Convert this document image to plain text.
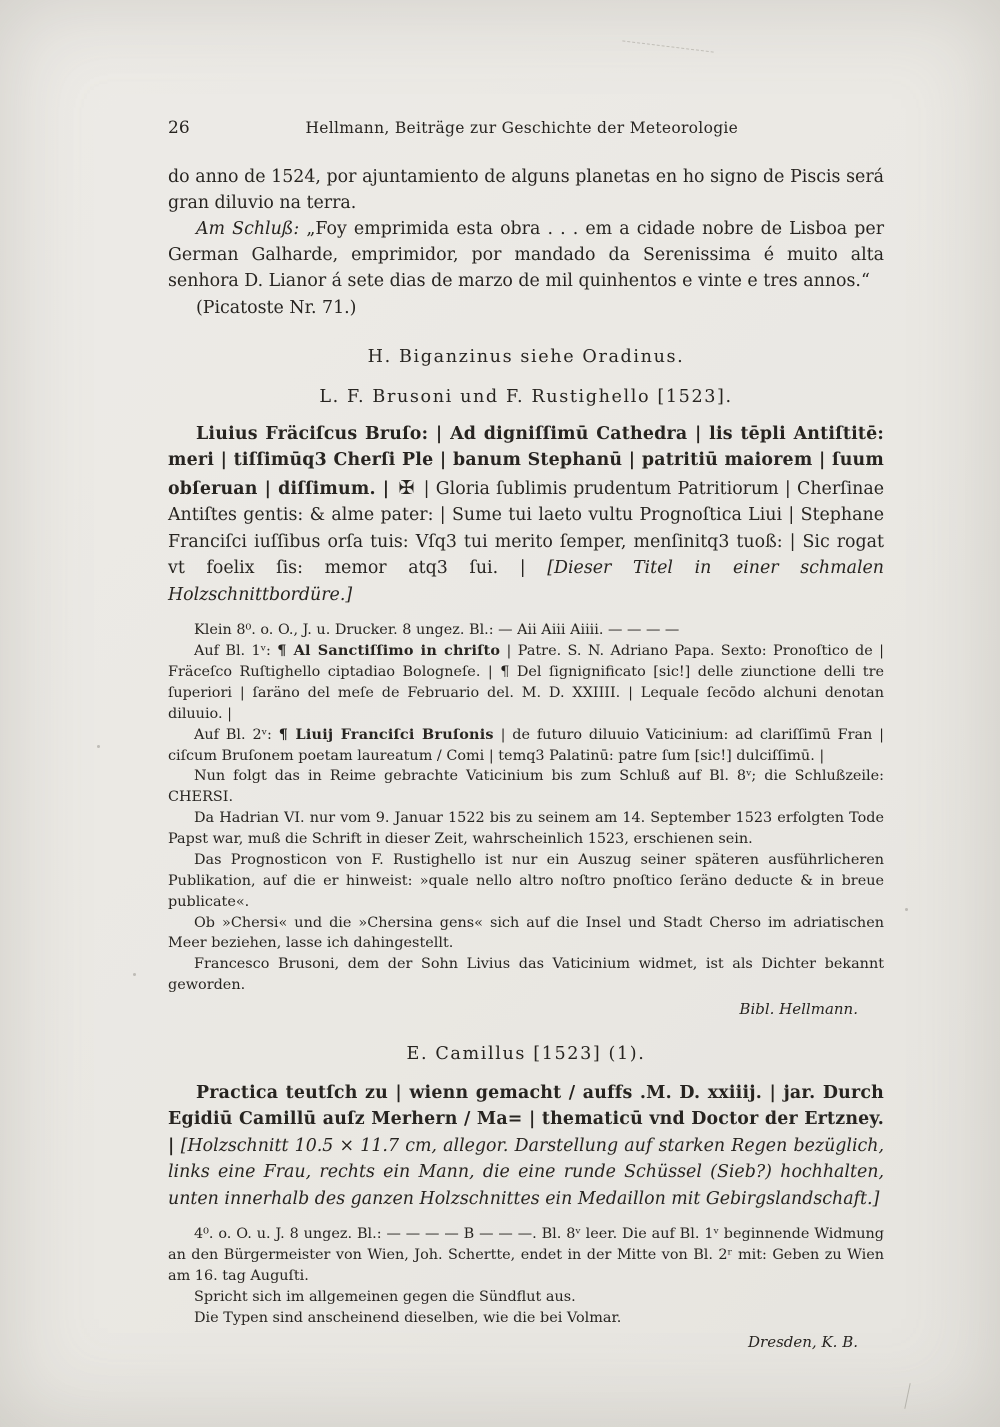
26	Hellmann, Beiträge zur Geschichte der Meteorologie

do anno de 1524, por ajuntamiento de alguns planetas en ho signo de Piscis será gran diluvio na terra.

Am Schluß: „Foy emprimida esta obra . . . em a cidade nobre de Lisboa per German Galharde, emprimidor, por mandado da Serenissima é muito alta senhora D. Lianor á sete dias de marzo de mil quinhentos e vinte e tres annos.“

(Picatoste Nr. 71.)

H. Biganzinus siehe Oradinus.
L. F. Brusoni und F. Rustighello [1523].

Liuius Fräciſcus Bruſo: | Ad digniſſimū Cathedra | lis tēpli Antiſtitē: meri | tiſſimūq3 Cherſi Ple | banum Stephanū | patritiū maiorem | ſuum obſeruan | diſſimum. | ✠ | Gloria ſublimis prudentum Patritiorum | Cherſinae Antiſtes gentis: & alme pater: | Sume tui laeto vultu Prognoſtica Liui | Stephane Franciſci iuſſibus orſa tuis: Vſq3 tui merito ſemper, menſinitq3 tuoß: | Sic rogat vt foelix ſis: memor atq3 ſui. | [Dieser Titel in einer schmalen Holzschnittbordüre.]

Klein 8⁰. o. O., J. u. Drucker. 8 ungez. Bl.: — Aii Aiii Aiiii. — — — —

Auf Bl. 1ᵛ: ¶ Al Sanctiſſimo in chriſto | Patre. S. N. Adriano Papa. Sexto: Pronoſtico de | Fräceſco Ruſtighello ciptadiao Bologneſe. | ¶ Del ſignignificato [sic!] delle ziunctione delli tre ſuperiori | ſaräno del meſe de Februario del. M. D. XXIIII. | Lequale ſecōdo alchuni denotan diluuio. |

Auf Bl. 2ᵛ: ¶ Liuij Franciſci Bruſonis | de futuro diluuio Vaticinium: ad clariſſimū Fran | ciſcum Bruſonem poetam laureatum / Comi | temq3 Palatinū: patre ſum [sic!] dulciſſimū. |

Nun folgt das in Reime gebrachte Vaticinium bis zum Schluß auf Bl. 8ᵛ; die Schlußzeile: CHERSI.

Da Hadrian VI. nur vom 9. Januar 1522 bis zu seinem am 14. September 1523 erfolgten Tode Papst war, muß die Schrift in dieser Zeit, wahrscheinlich 1523, erschienen sein.

Das Prognosticon von F. Rustighello ist nur ein Auszug seiner späteren ausführlicheren Publikation, auf die er hinweist: »quale nello altro noſtro pnoſtico ſeräno deducte & in breue publicate«.

Ob »Chersi« und die »Chersina gens« sich auf die Insel und Stadt Cherso im adriatischen Meer beziehen, lasse ich dahingestellt.

Francesco Brusoni, dem der Sohn Livius das Vaticinium widmet, ist als Dichter bekannt geworden.

Bibl. Hellmann.

E. Camillus [1523] (1).

Practica teutſch zu | wienn gemacht / auffs .M. D. xxiiij. | jar. Durch Egidiū Camillū auſz Merhern / Ma= | thematicū vnd Doctor der Ertzney. | [Holzschnitt 10.5 × 11.7 cm, allegor. Darstellung auf starken Regen bezüglich, links eine Frau, rechts ein Mann, die eine runde Schüssel (Sieb?) hochhalten, unten innerhalb des ganzen Holzschnittes ein Medaillon mit Gebirgslandschaft.]

4⁰. o. O. u. J. 8 ungez. Bl.: — — — — B — — —. Bl. 8ᵛ leer. Die auf Bl. 1ᵛ beginnende Widmung an den Bürgermeister von Wien, Joh. Schertte, endet in der Mitte von Bl. 2ʳ mit: Geben zu Wien am 16. tag Auguſti.

Spricht sich im allgemeinen gegen die Sündflut aus.

Die Typen sind anscheinend dieselben, wie die bei Volmar.

Dresden, K. B.
